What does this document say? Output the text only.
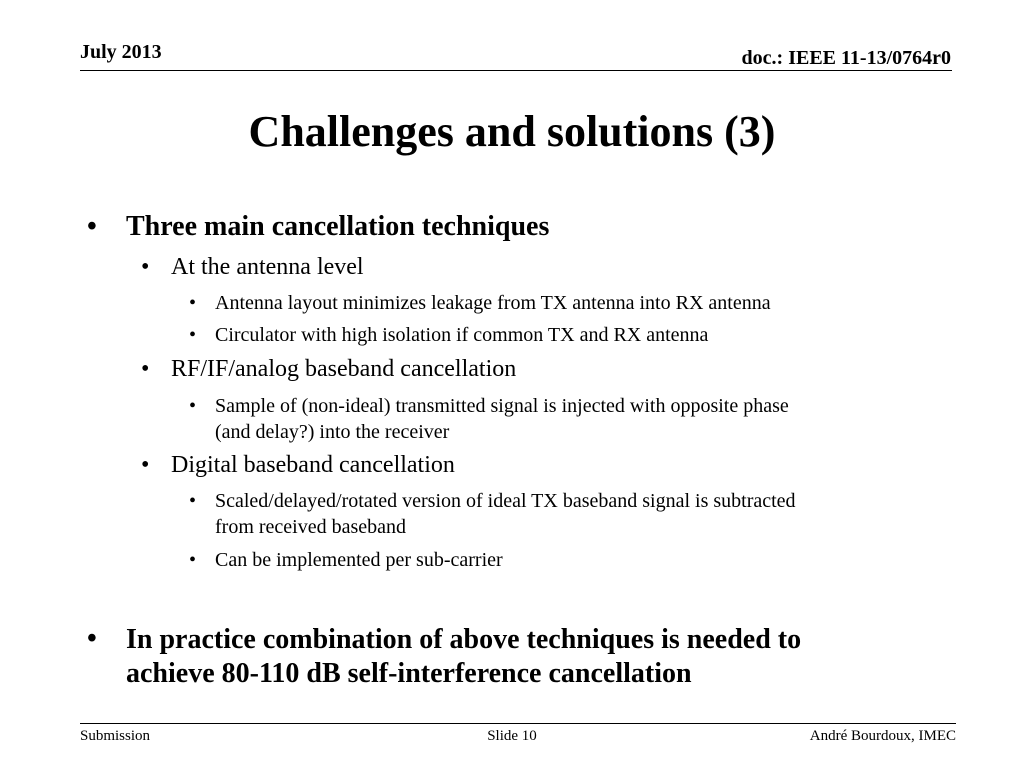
July 2013	doc.: IEEE 11-13/0764r0
Challenges and solutions (3)
• Three main cancellation techniques
• At the antenna level
• Antenna layout minimizes leakage from TX antenna into RX antenna
• Circulator with high isolation if common TX and RX antenna
• RF/IF/analog baseband cancellation
• Sample of (non-ideal) transmitted signal is injected with opposite phase
(and delay?) into the receiver
• Digital baseband cancellation
• Scaled/delayed/rotated version of ideal TX baseband signal is subtracted
from received baseband
• Can be implemented per sub-carrier
• In practice combination of above techniques is needed to
achieve 80-110 dB self-interference cancellation
Submission	Slide 10	André Bourdoux, IMEC
